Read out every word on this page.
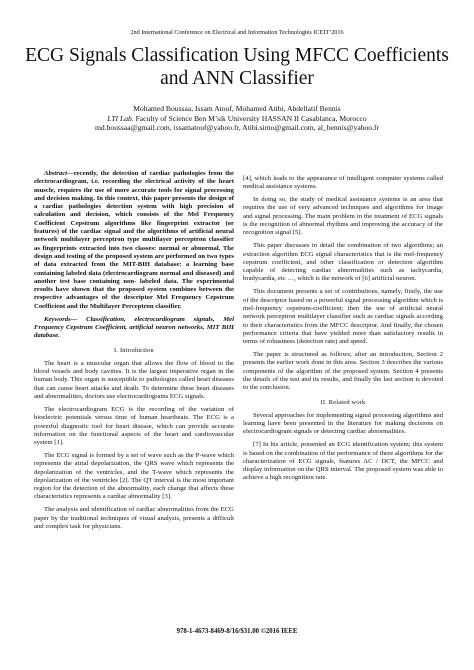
2nd International Conference on Electrical and Information Technologies ICEIT’2016
ECG Signals Classification Using MFCC Coefficients
and ANN Classifier
Mohamed Boussaa, Issam Atouf, Mohamed Atibi, Abdellatif Bennis
LTI Lab. Faculty of Science Ben M’sik University HASSAN II Casablanca, Morocco
md.boussaa@gmail.com, issamatouf@yahoo.fr, Atibi.simo@gmail.com, al_bennis@yahoo.fr

Abstract—recently, the detection of cardiac pathologies from the electrocardiogram, i.e. recording the electrical activity of the heart muscle, requires the use of more accurate tools for signal processing and decision making. In this context, this paper presents the design of a cardiac pathologies detection system with high precision of calculation and decision, which consists of the Mel Frequency Coefficient Cepstrum algorithms like fingerprint extractor (or features) of the cardiac signal and the algorithms of artificial neural network multilayer perceptron type multilayer perceptron classifier as fingerprints extracted into two classes: normal or abnormal. The design and testing of the proposed system are performed on two types of data extracted from the MIT-BIH database: a learning base containing labeled data (electrocardiogram normal and diseased) and another test base containing non- labeled data. The experimental results have shown that the proposed system combines between the respective advantages of the descriptor Mel Frequency Cepstrum Coefficient and the Multilayer Perceptron classifier.

Keywords— Classification, electrocardiogram signals, Mel Frequency Cepstrum Coefficient, artificial neuron networks, MIT BIH database.

I. Introduction

The heart is a muscular organ that allows the flow of blood to the blood vessels and body cavities. It is the largest imperative organ in the human body. This organ is susceptible to pathologies called heart diseases that can cause heart attacks and death. To determine these heart diseases and abnormalities, doctors use electrocardiograms ECG signals.

The electrocardiogram ECG is the recording of the variation of bioelectric potentials versus time of human heartbeats. The ECG is a powerful diagnostic tool for heart disease, which can provide accurate information on the functional aspects of the heart and cardiovascular system [1].

The ECG signal is formed by a set of wave such as the P-wave which represents the atrial depolarization, the QRS wave which represents the depolarization of the ventricles, and the T-wave which represents the depolarization of the ventricles [2]. The QT interval is the most important region for the detection of the abnormality, each change that affects these characteristics represents a cardiac abnormality [3].

The analysis and identification of cardiac abnormalities from the ECG paper by the traditional techniques of visual analysis, presents a difficult and complex task for physicians.

[4], which leads to the appearance of intelligent computer systems called medical assistance systems.

In doing so, the study of medical assistance systems is an area that requires the use of very advanced techniques and algorithms for image and signal processing. The main problem in the treatment of ECG signals is the recognition of abnormal rhythms and improving the accuracy of the recognition signal [5].

This paper discusses in detail the combination of two algorithms; an extraction algorithm ECG signal characteristics that is the mel-frequency cepstrum coefficient, and other classification or detection algorithm capable of detecting cardiac abnormalities such as tachycardia, bradycardia, etc …, which is the network of [6] artificial neuron.

This document presents a set of contributions, namely, firstly, the use of the descriptor based on a powerful signal processing algorithm which is mel-frequency cepstrum-coefficient; then the use of artificial neural network perceptron multilayer classifier such as cardiac signals according to their characteristics from the MFCC descriptor. And finally, the chosen performance criteria that have yielded more than satisfactory results in terms of robustness (detection rate) and speed.

The paper is structured as follows; after an introduction, Section 2 presents the earlier work done in this area. Section 3 describes the various components of the algorithm of the proposed system. Section 4 presents the details of the test and its results, and finally the last section is devoted to the conclusion.

II. Related work

Several approaches for implementing signal processing algorithms and learning have been presented in the literature for making decisions on electrocardiogram signals or detecting cardiac abnormalities.

[7] In his article, presented an ECG identification system; this system is based on the combination of the performance of three algorithms for the characterization of ECG signals, features AC / DCT, the MFCC and display information on the QRS interval. The proposed system was able to achieve a high recognition rate.

978-1-4673-8469-8/16/$31.00 ©2016 IEEE
